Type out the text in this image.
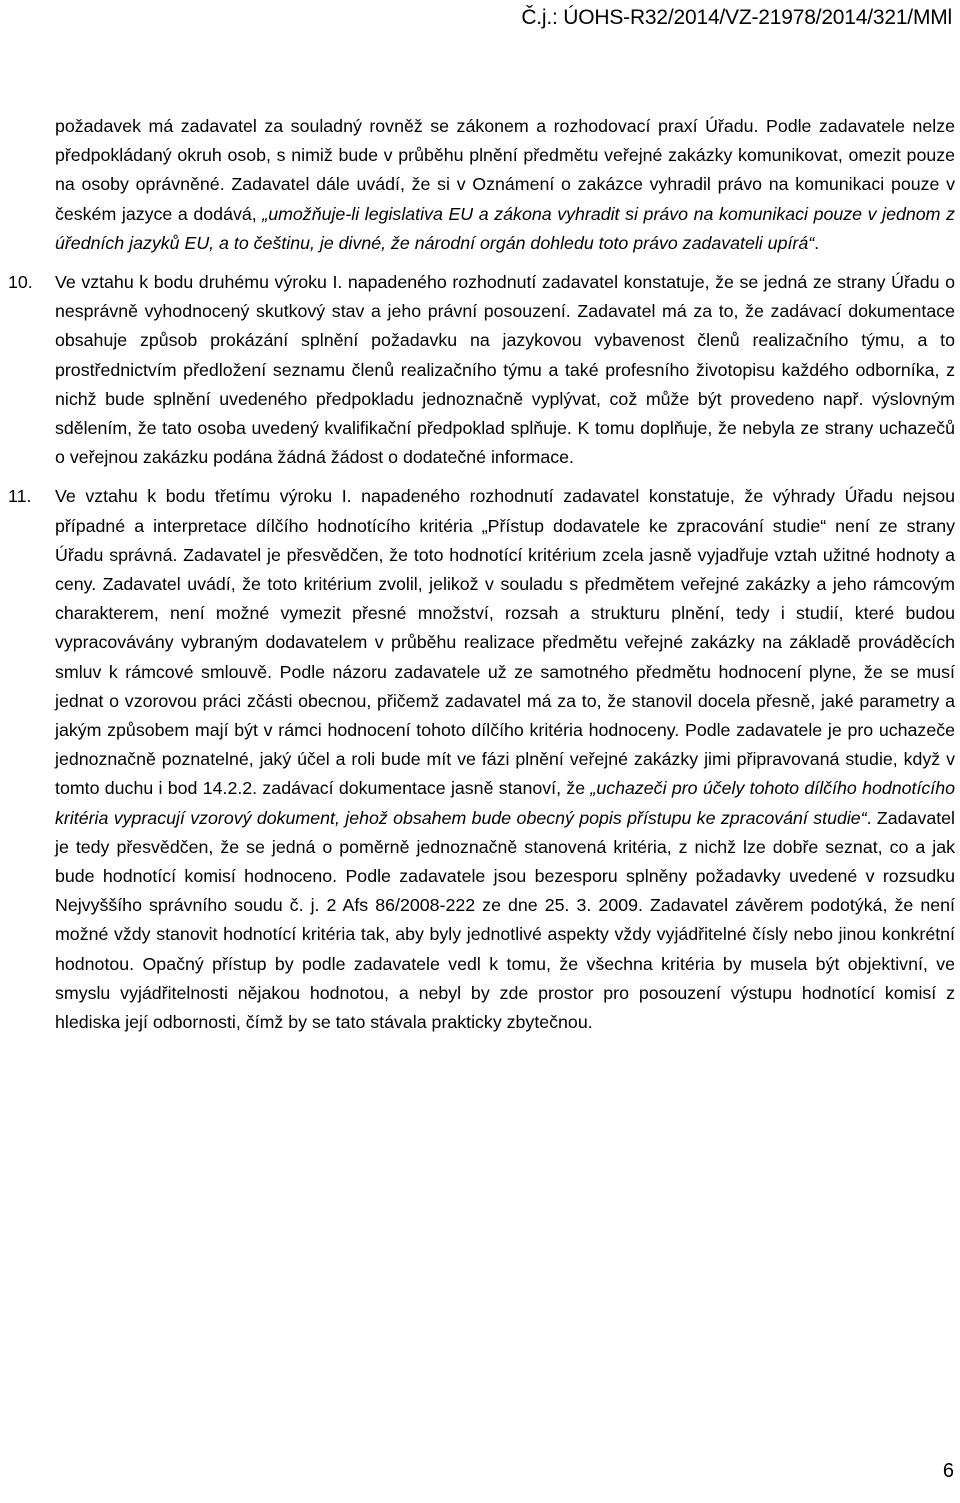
Č.j.: ÚOHS-R32/2014/VZ-21978/2014/321/MMl

požadavek má zadavatel za souladný rovněž se zákonem a rozhodovací praxí Úřadu. Podle zadavatele nelze předpokládaný okruh osob, s nimiž bude v průběhu plnění předmětu veřejné zakázky komunikovat, omezit pouze na osoby oprávněné. Zadavatel dále uvádí, že si v Oznámení o zakázce vyhradil právo na komunikaci pouze v českém jazyce a dodává, „umožňuje-li legislativa EU a zákona vyhradit si právo na komunikaci pouze v jednom z úředních jazyků EU, a to češtinu, je divné, že národní orgán dohledu toto právo zadavateli upírá“.

10. Ve vztahu k bodu druhému výroku I. napadeného rozhodnutí zadavatel konstatuje, že se jedná ze strany Úřadu o nesprávně vyhodnocený skutkový stav a jeho právní posouzení. Zadavatel má za to, že zadávací dokumentace obsahuje způsob prokázání splnění požadavku na jazykovou vybavenost členů realizačního týmu, a to prostřednictvím předložení seznamu členů realizačního týmu a také profesního životopisu každého odborníka, z nichž bude splnění uvedeného předpokladu jednoznačně vyplývat, což může být provedeno např. výslovným sdělením, že tato osoba uvedený kvalifikační předpoklad splňuje. K tomu doplňuje, že nebyla ze strany uchazečů o veřejnou zakázku podána žádná žádost o dodatečné informace.
11. Ve vztahu k bodu třetímu výroku I. napadeného rozhodnutí zadavatel konstatuje, že výhrady Úřadu nejsou případné a interpretace dílčího hodnotícího kritéria „Přístup dodavatele ke zpracování studie“ není ze strany Úřadu správná. Zadavatel je přesvědčen, že toto hodnotící kritérium zcela jasně vyjadřuje vztah užitné hodnoty a ceny. Zadavatel uvádí, že toto kritérium zvolil, jelikož v souladu s předmětem veřejné zakázky a jeho rámcovým charakterem, není možné vymezit přesné množství, rozsah a strukturu plnění, tedy i studií, které budou vypracovávány vybraným dodavatelem v průběhu realizace předmětu veřejné zakázky na základě prováděcích smluv k rámcové smlouvě. Podle názoru zadavatele už ze samotného předmětu hodnocení plyne, že se musí jednat o vzorovou práci zčásti obecnou, přičemž zadavatel má za to, že stanovil docela přesně, jaké parametry a jakým způsobem mají být v rámci hodnocení tohoto dílčího kritéria hodnoceny. Podle zadavatele je pro uchazeče jednoznačně poznatelné, jaký účel a roli bude mít ve fázi plnění veřejné zakázky jimi připravovaná studie, když v tomto duchu i bod 14.2.2. zadávací dokumentace jasně stanoví, že „uchazeči pro účely tohoto dílčího hodnotícího kritéria vypracují vzorový dokument, jehož obsahem bude obecný popis přístupu ke zpracování studie“. Zadavatel je tedy přesvědčen, že se jedná o poměrně jednoznačně stanovená kritéria, z nichž lze dobře seznat, co a jak bude hodnotící komisí hodnoceno. Podle zadavatele jsou bezesporu splněny požadavky uvedené v rozsudku Nejvyššího správního soudu č. j. 2 Afs 86/2008-222 ze dne 25. 3. 2009. Zadavatel závěrem podotýká, že není možné vždy stanovit hodnotící kritéria tak, aby byly jednotlivé aspekty vždy vyjádřitelné čísly nebo jinou konkrétní hodnotou. Opačný přístup by podle zadavatele vedl k tomu, že všechna kritéria by musela být objektivní, ve smyslu vyjádřitelnosti nějakou hodnotou, a nebyl by zde prostor pro posouzení výstupu hodnotící komisí z hlediska její odbornosti, čímž by se tato stávala prakticky zbytečnou.
6
